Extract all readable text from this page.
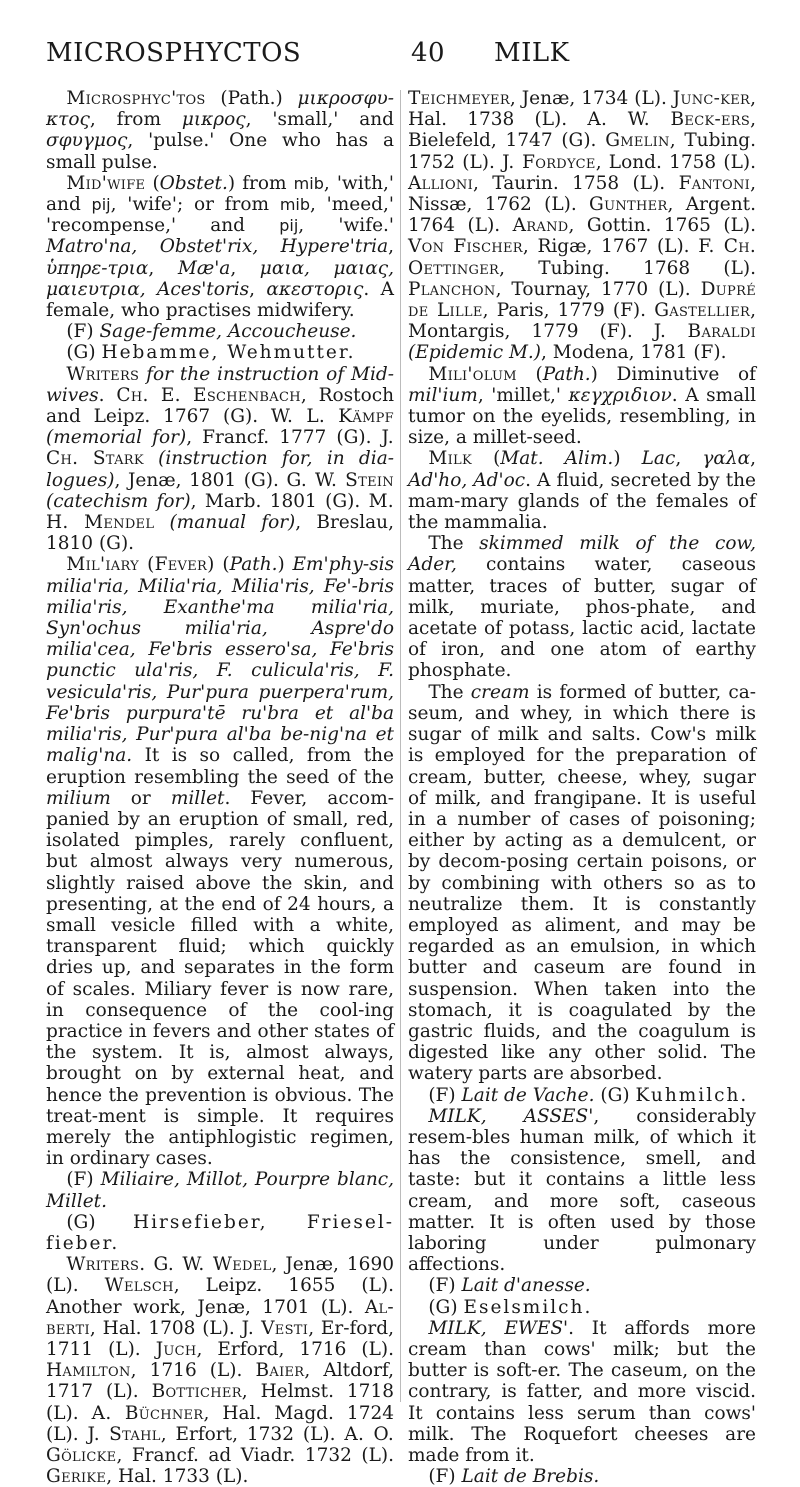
MICROSPHYCTOS	40 MILK

Microsphyc'tos (Path.) μικροσφυ-κτος, from μικρος, 'small,' and σφυγμος, 'pulse.' One who has a small pulse.

Mid'wife (Obstet.) from mib, 'with,' and pij, 'wife'; or from mib, 'meed,' 'recompense,' and pij, 'wife.' Matro'na, Obstet'rix, Hypere'tria, ὑπηρε-τρια, Mæ'a, μαια, μαιας, μαιευτρια, Aces'toris, ακεστορις. A female, who practises midwifery.

(F) Sage-femme, Accoucheuse.

(G) Hebamme, Wehmutter.

Writers for the instruction of Mid-wives. Ch. E. Eschenbach, Rostoch and Leipz. 1767 (G). W. L. Kämpf (memorial for), Francf. 1777 (G). J. Ch. Stark (instruction for, in dia-logues), Jenæ, 1801 (G). G. W. Stein (catechism for), Marb. 1801 (G). M. H. Mendel (manual for), Breslau, 1810 (G).

Mil'iary (Fever) (Path.) Em'phy-sis milia'ria, Milia'ria, Milia'ris, Fe'-bris milia'ris, Exanthe'ma milia'ria, Syn'ochus milia'ria, Aspre'do milia'cea, Fe'bris essero'sa, Fe'bris punctic ula'ris, F. culicula'ris, F. vesicula'ris, Pur'pura puerpera'rum, Fe'bris purpura'tē ru'bra et al'ba milia'ris, Pur'pura al'ba be-nig'na et malig'na. It is so called, from the eruption resembling the seed of the milium or millet. Fever, accom-panied by an eruption of small, red, isolated pimples, rarely confluent, but almost always very numerous, slightly raised above the skin, and presenting, at the end of 24 hours, a small vesicle filled with a white, transparent fluid; which quickly dries up, and separates in the form of scales. Miliary fever is now rare, in consequence of the cool-ing practice in fevers and other states of the system. It is, almost always, brought on by external heat, and hence the prevention is obvious. The treat-ment is simple. It requires merely the antiphlogistic regimen, in ordinary cases.

(F) Miliaire, Millot, Pourpre blanc, Millet.

(G) Hirsefieber, Friesel-fieber.

Writers. G. W. Wedel, Jenæ, 1690 (L). Welsch, Leipz. 1655 (L). Another work, Jenæ, 1701 (L). Al-berti, Hal. 1708 (L). J. Vesti, Er-ford, 1711 (L). Juch, Erford, 1716 (L). Hamilton, 1716 (L). Baier, Altdorf, 1717 (L). Botticher, Helmst. 1718 (L). A. Büchner, Hal. Magd. 1724 (L). J. Stahl, Erfort, 1732 (L). A. O. Gölicke, Francf. ad Viadr. 1732 (L). Gerike, Hal. 1733 (L).

Teichmeyer, Jenæ, 1734 (L). Junc-ker, Hal. 1738 (L). A. W. Beck-ers, Bielefeld, 1747 (G). Gmelin, Tubing. 1752 (L). J. Fordyce, Lond. 1758 (L). Allioni, Taurin. 1758 (L). Fantoni, Nissæ, 1762 (L). Gunther, Argent. 1764 (L). Arand, Gottin. 1765 (L). Von Fischer, Rigæ, 1767 (L). F. Ch. Oettinger, Tubing. 1768 (L). Planchon, Tournay, 1770 (L). Dupré de Lille, Paris, 1779 (F). Gastellier, Montargis, 1779 (F). J. Baraldi (Epidemic M.), Modena, 1781 (F).

Mili'olum (Path.) Diminutive of mil'ium, 'millet,' κεγχριδιον. A small tumor on the eyelids, resembling, in size, a millet-seed.

Milk (Mat. Alim.) Lac, γαλα, Ad'ho, Ad'oc. A fluid, secreted by the mam-mary glands of the females of the mammalia.

The skimmed milk of the cow, Ader, contains water, caseous matter, traces of butter, sugar of milk, muriate, phos-phate, and acetate of potass, lactic acid, lactate of iron, and one atom of earthy phosphate.

The cream is formed of butter, ca-seum, and whey, in which there is sugar of milk and salts. Cow's milk is employed for the preparation of cream, butter, cheese, whey, sugar of milk, and frangipane. It is useful in a number of cases of poisoning; either by acting as a demulcent, or by decom-posing certain poisons, or by combining with others so as to neutralize them. It is constantly employed as aliment, and may be regarded as an emulsion, in which butter and caseum are found in suspension. When taken into the stomach, it is coagulated by the gastric fluids, and the coagulum is digested like any other solid. The watery parts are absorbed.

(F) Lait de Vache. (G) Kuhmilch.

MILK, ASSES', considerably resem-bles human milk, of which it has the consistence, smell, and taste: but it contains a little less cream, and more soft, caseous matter. It is often used by those laboring under pulmonary affections.

(F) Lait d'anesse.

(G) Eselsmilch.

MILK, EWES'. It affords more cream than cows' milk; but the butter is soft-er. The caseum, on the contrary, is fatter, and more viscid. It contains less serum than cows' milk. The Roquefort cheeses are made from it.

(F) Lait de Brebis.
